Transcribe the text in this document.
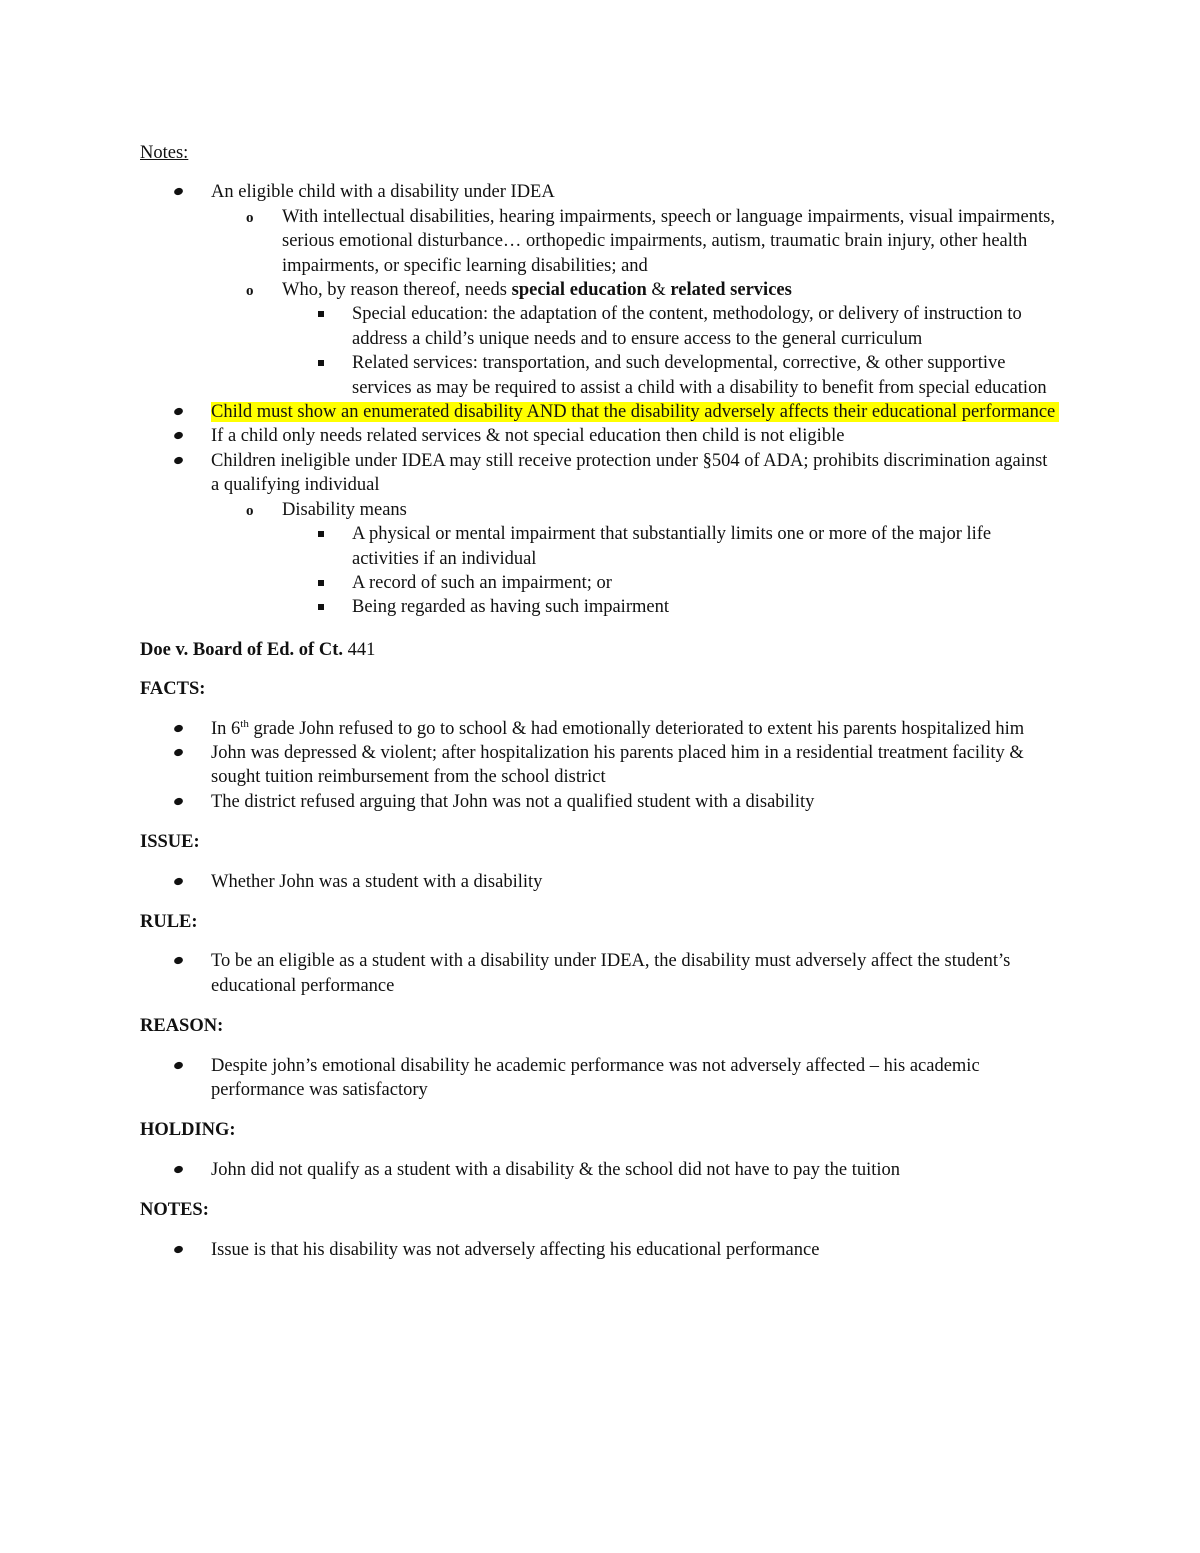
Notes:
An eligible child with a disability under IDEA
o With intellectual disabilities, hearing impairments, speech or language impairments, visual impairments, serious emotional disturbance… orthopedic impairments, autism, traumatic brain injury, other health impairments, or specific learning disabilities; and
o Who, by reason thereof, needs special education & related services
Special education: the adaptation of the content, methodology, or delivery of instruction to address a child’s unique needs and to ensure access to the general curriculum
Related services: transportation, and such developmental, corrective, & other supportive services as may be required to assist a child with a disability to benefit from special education
Child must show an enumerated disability AND that the disability adversely affects their educational performance
If a child only needs related services & not special education then child is not eligible
Children ineligible under IDEA may still receive protection under §504 of ADA; prohibits discrimination against a qualifying individual
o Disability means
A physical or mental impairment that substantially limits one or more of the major life activities if an individual
A record of such an impairment; or
Being regarded as having such impairment
Doe v. Board of Ed. of Ct. 441
FACTS:
In 6th grade John refused to go to school & had emotionally deteriorated to extent his parents hospitalized him
John was depressed & violent; after hospitalization his parents placed him in a residential treatment facility & sought tuition reimbursement from the school district
The district refused arguing that John was not a qualified student with a disability
ISSUE:
Whether John was a student with a disability
RULE:
To be an eligible as a student with a disability under IDEA, the disability must adversely affect the student’s educational performance
REASON:
Despite john’s emotional disability he academic performance was not adversely affected – his academic performance was satisfactory
HOLDING:
John did not qualify as a student with a disability & the school did not have to pay the tuition
NOTES:
Issue is that his disability was not adversely affecting his educational performance
